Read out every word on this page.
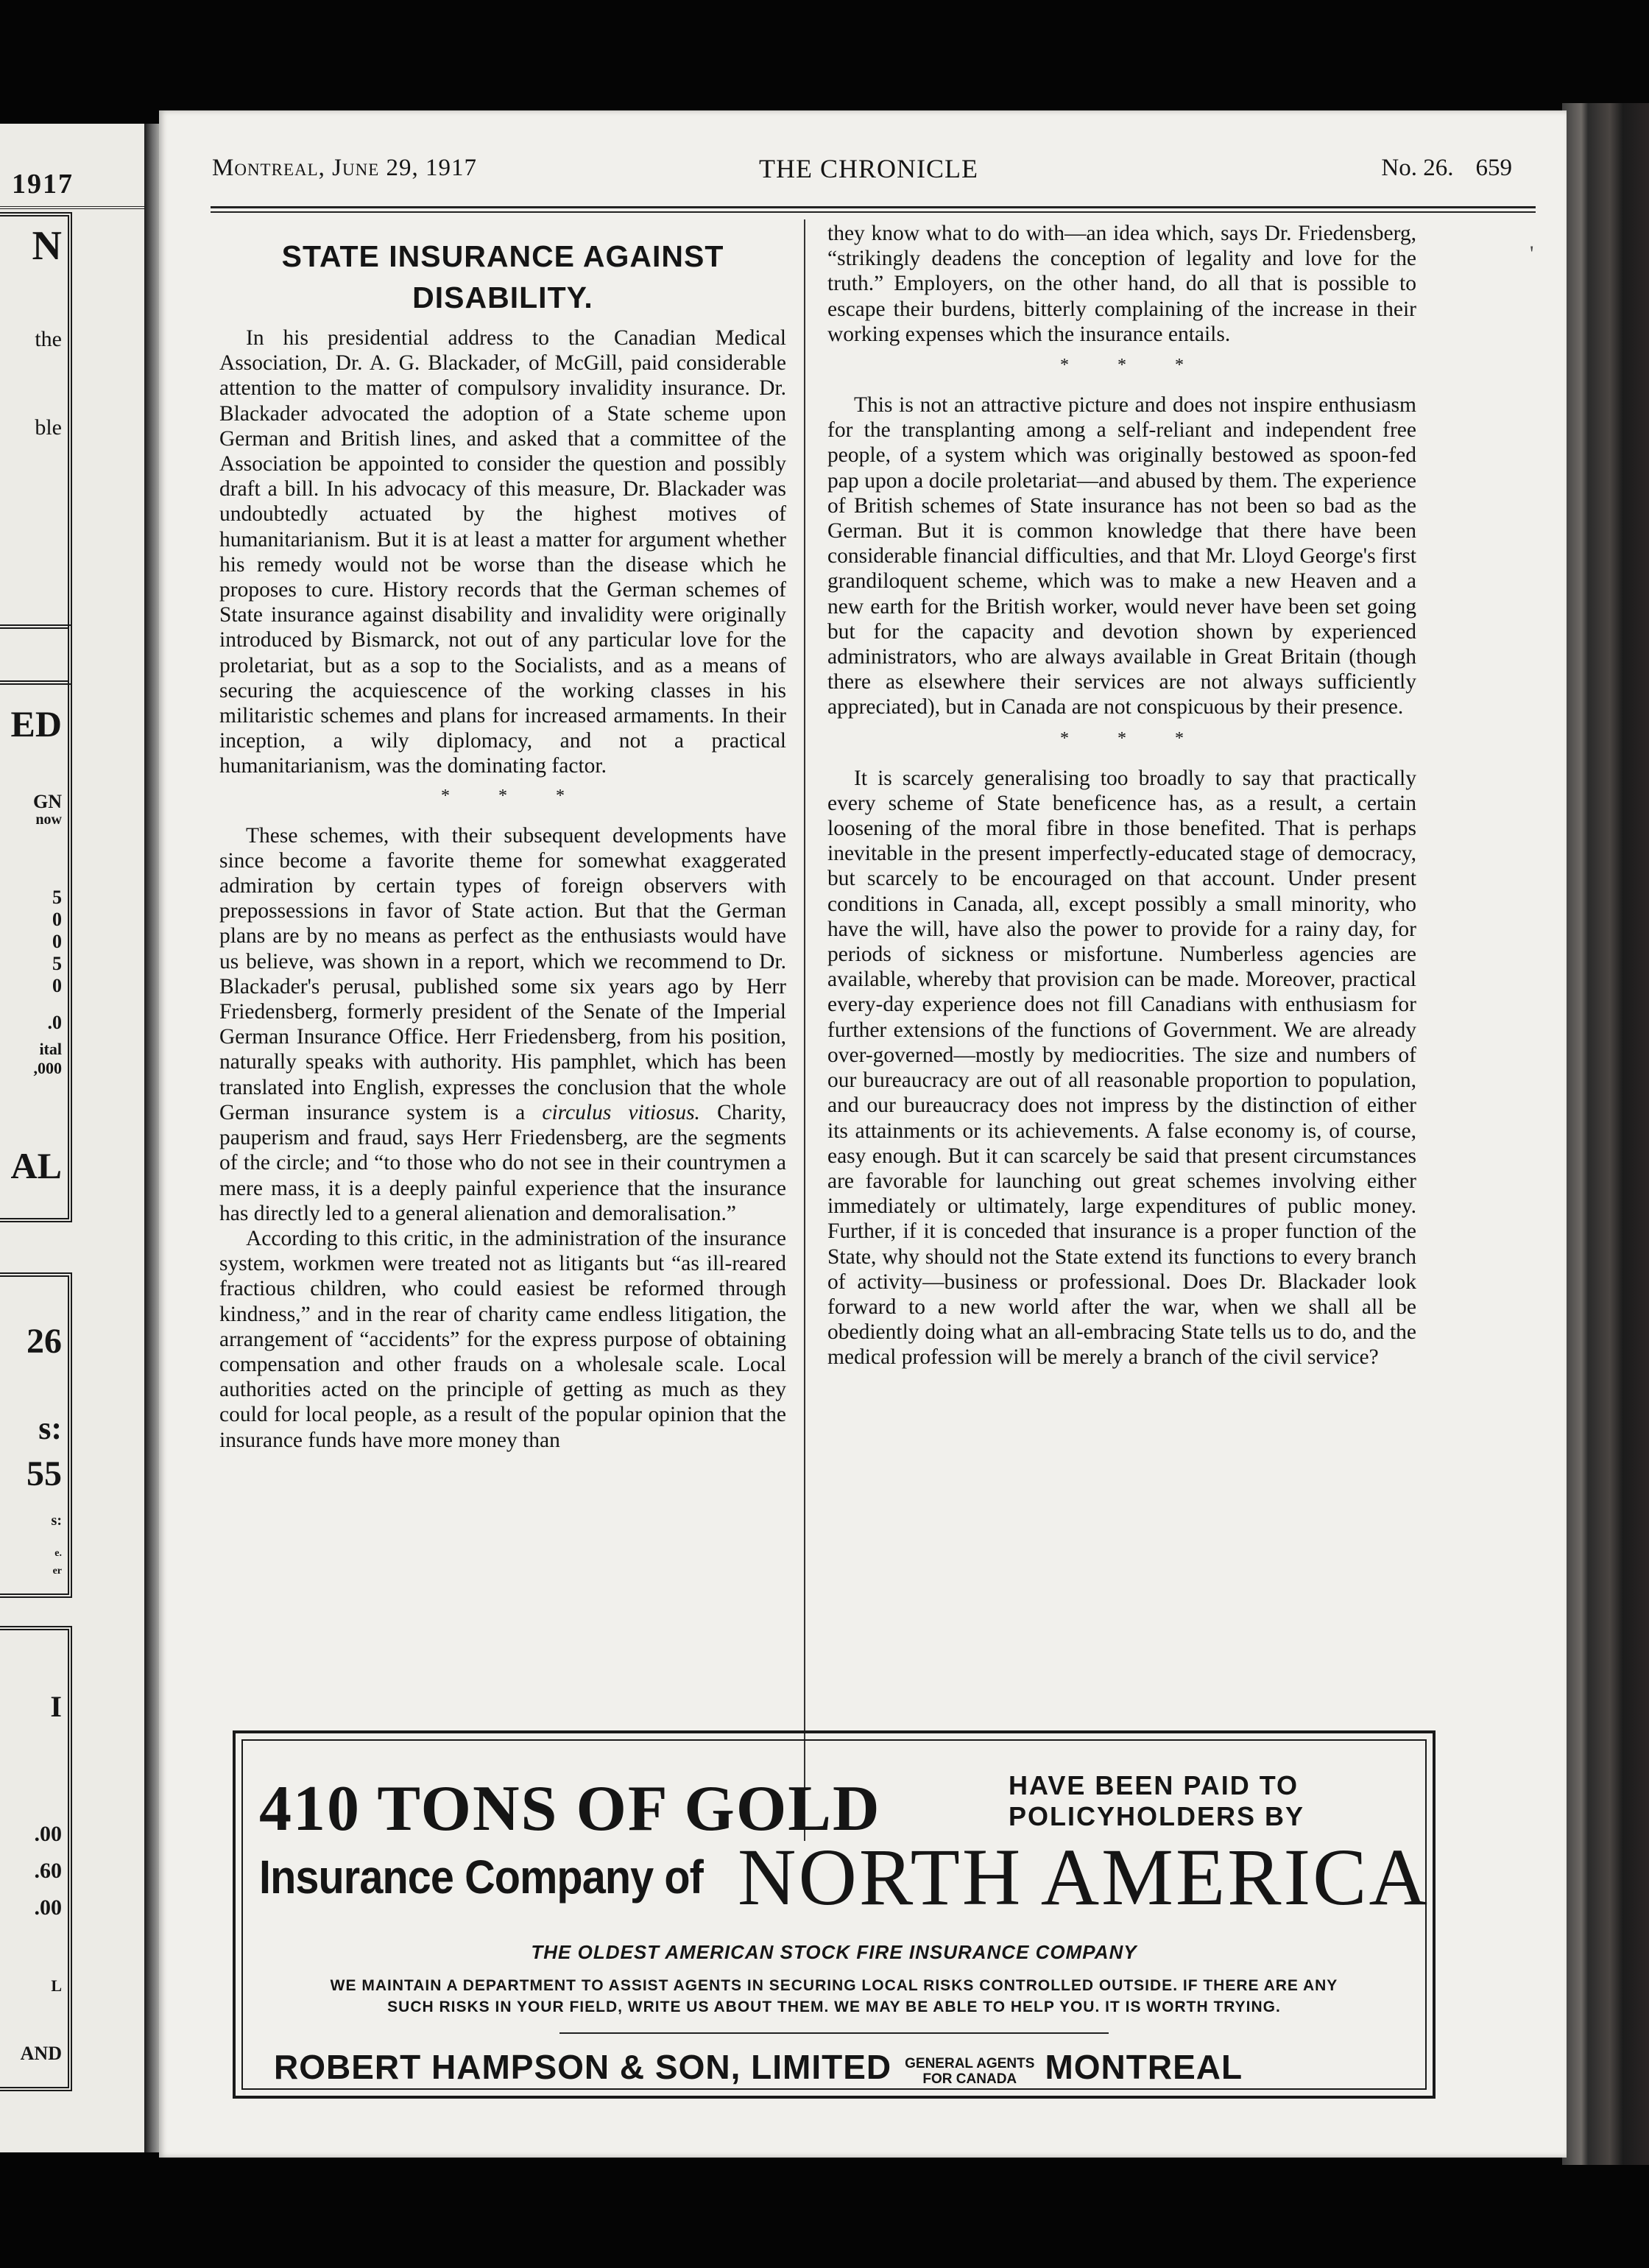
1917
N
the
ble
ED
GN
now
5
0
0
5
0
.0
ital
,000
AL
26
s:
55
s:
e.
er
I
.00
.60
.00
L
AND
Montreal, June 29, 1917	THE CHRONICLE	No. 26. 659
'
STATE INSURANCE AGAINST DISABILITY.

In his presidential address to the Canadian Medical Association, Dr. A. G. Blackader, of McGill, paid considerable attention to the matter of compulsory invalidity insurance. Dr. Blackader advocated the adoption of a State scheme upon German and British lines, and asked that a committee of the Association be appointed to consider the question and possibly draft a bill. In his advocacy of this measure, Dr. Blackader was undoubtedly actuated by the highest motives of humanitarianism. But it is at least a matter for argument whether his remedy would not be worse than the disease which he proposes to cure. History records that the German schemes of State insurance against disability and invalidity were originally introduced by Bismarck, not out of any particular love for the proletariat, but as a sop to the Socialists, and as a means of securing the acquiescence of the working classes in his militaristic schemes and plans for increased armaments. In their inception, a wily diplomacy, and not a practical humanitarianism, was the dominating factor.

* * *

These schemes, with their subsequent developments have since become a favorite theme for somewhat exaggerated admiration by certain types of foreign observers with prepossessions in favor of State action. But that the German plans are by no means as perfect as the enthusiasts would have us believe, was shown in a report, which we recommend to Dr. Blackader's perusal, published some six years ago by Herr Friedensberg, formerly president of the Senate of the Imperial German Insurance Office. Herr Friedensberg, from his position, naturally speaks with authority. His pamphlet, which has been translated into English, expresses the conclusion that the whole German insurance system is a circulus vitiosus. Charity, pauperism and fraud, says Herr Friedensberg, are the segments of the circle; and “to those who do not see in their countrymen a mere mass, it is a deeply painful experience that the insurance has directly led to a general alienation and demoralisation.”

According to this critic, in the administration of the insurance system, workmen were treated not as litigants but “as ill-reared fractious children, who could easiest be reformed through kindness,” and in the rear of charity came endless litigation, the arrangement of “accidents” for the express purpose of obtaining compensation and other frauds on a wholesale scale. Local authorities acted on the principle of getting as much as they could for local people, as a result of the popular opinion that the insurance funds have more money than

they know what to do with—an idea which, says Dr. Friedensberg, “strikingly deadens the conception of legality and love for the truth.” Employers, on the other hand, do all that is possible to escape their burdens, bitterly complaining of the increase in their working expenses which the insurance entails.

* * *

This is not an attractive picture and does not inspire enthusiasm for the transplanting among a self-reliant and independent free people, of a system which was originally bestowed as spoon-fed pap upon a docile proletariat—and abused by them. The experience of British schemes of State insurance has not been so bad as the German. But it is common knowledge that there have been considerable financial difficulties, and that Mr. Lloyd George's first grandiloquent scheme, which was to make a new Heaven and a new earth for the British worker, would never have been set going but for the capacity and devotion shown by experienced administrators, who are always available in Great Britain (though there as elsewhere their services are not always sufficiently appreciated), but in Canada are not conspicuous by their presence.

* * *

It is scarcely generalising too broadly to say that practically every scheme of State beneficence has, as a result, a certain loosening of the moral fibre in those benefited. That is perhaps inevitable in the present imperfectly-educated stage of democracy, but scarcely to be encouraged on that account. Under present conditions in Canada, all, except possibly a small minority, who have the will, have also the power to provide for a rainy day, for periods of sickness or misfortune. Numberless agencies are available, whereby that provision can be made. Moreover, practical every-day experience does not fill Canadians with enthusiasm for further extensions of the functions of Government. We are already over-governed—mostly by mediocrities. The size and numbers of our bureaucracy are out of all reasonable proportion to population, and our bureaucracy does not impress by the distinction of either its attainments or its achievements. A false economy is, of course, easy enough. But it can scarcely be said that present circumstances are favorable for launching out great schemes involving either immediately or ultimately, large expenditures of public money. Further, if it is conceded that insurance is a proper function of the State, why should not the State extend its functions to every branch of activity—business or professional. Does Dr. Blackader look forward to a new world after the war, when we shall all be obediently doing what an all-embracing State tells us to do, and the medical profession will be merely a branch of the civil service?

410 TONS OF GOLD	HAVE BEEN PAID TO
POLICYHOLDERS BY
Insurance Company of NORTH AMERICA
THE OLDEST AMERICAN STOCK FIRE INSURANCE COMPANY
WE MAINTAIN A DEPARTMENT TO ASSIST AGENTS IN SECURING LOCAL RISKS CONTROLLED OUTSIDE. IF THERE ARE ANY
SUCH RISKS IN YOUR FIELD, WRITE US ABOUT THEM. WE MAY BE ABLE TO HELP YOU. IT IS WORTH TRYING.
ROBERT HAMPSON & SON, LIMITED GENERAL AGENTS
FOR CANADA MONTREAL
